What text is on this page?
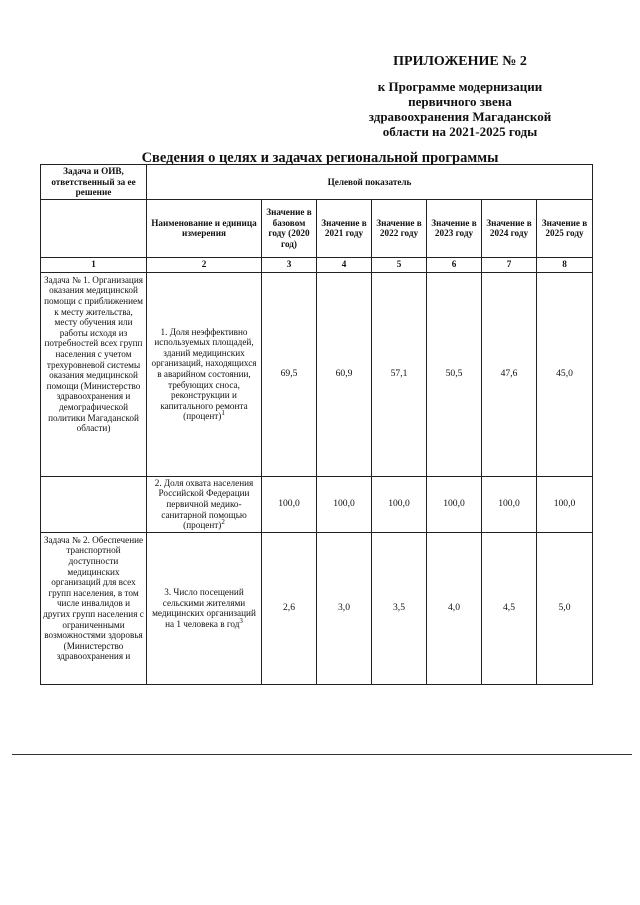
ПРИЛОЖЕНИЕ № 2
к Программе модернизации
первичного звена
здравоохранения Магаданской
области на 2021-2025 годы
Сведения о целях и задачах региональной программы
Задача и ОИВ, ответственный за ее решение	Целевой показатель						
	Наименование и единица измерения	Значение в базовом году (2020 год)	Значение в 2021 году	Значение в 2022 году	Значение в 2023 году	Значение в 2024 году	Значение в 2025 году
1	2	3	4	5	6	7	8
Задача № 1. Организация оказания медицинской помощи с приближением к месту жительства, месту обучения или работы исходя из потребностей всех групп населения с учетом трехуровневой системы оказания медицинской помощи (Министерство здравоохранения и демографической политики Магаданской области)	1. Доля неэффективно используемых площадей, зданий медицинских организаций, находящихся в аварийном состоянии, требующих сноса, реконструкции и капитального ремонта (процент)$^1$	69,5	60,9	57,1	50,5	47,6	45,0
	2. Доля охвата населения Российской Федерации первичной медико-санитарной помощью (процент)$^2$	100,0	100,0	100,0	100,0	100,0	100,0
Задача № 2. Обеспечение транспортной доступности медицинских организаций для всех групп населения, в том числе инвалидов и других групп населения с ограниченными возможностями здоровья (Министерство здравоохранения и	3. Число посещений сельскими жителями медицинских организаций на 1 человека в год$^3$	2,6	3,0	3,5	4,0	4,5	5,0
